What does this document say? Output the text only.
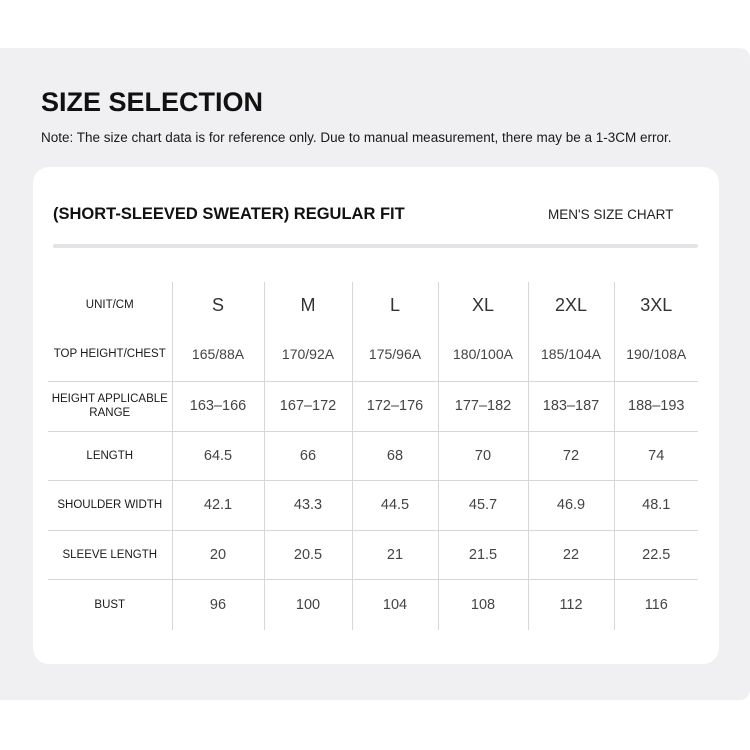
SIZE SELECTION
Note: The size chart data is for reference only. Due to manual measurement, there may be a 1-3CM error.
(SHORT-SLEEVED SWEATER) REGULAR FIT	MEN'S SIZE CHART
UNIT/CM	S	M	L	XL	2XL	3XL
TOP HEIGHT/CHEST	165/88A	170/92A	175/96A	180/100A	185/104A	190/108A
HEIGHT APPLICABLE RANGE	163–166	167–172	172–176	177–182	183–187	188–193
LENGTH	64.5	66	68	70	72	74
SHOULDER WIDTH	42.1	43.3	44.5	45.7	46.9	48.1
SLEEVE LENGTH	20	20.5	21	21.5	22	22.5
BUST	96	100	104	108	112	116
